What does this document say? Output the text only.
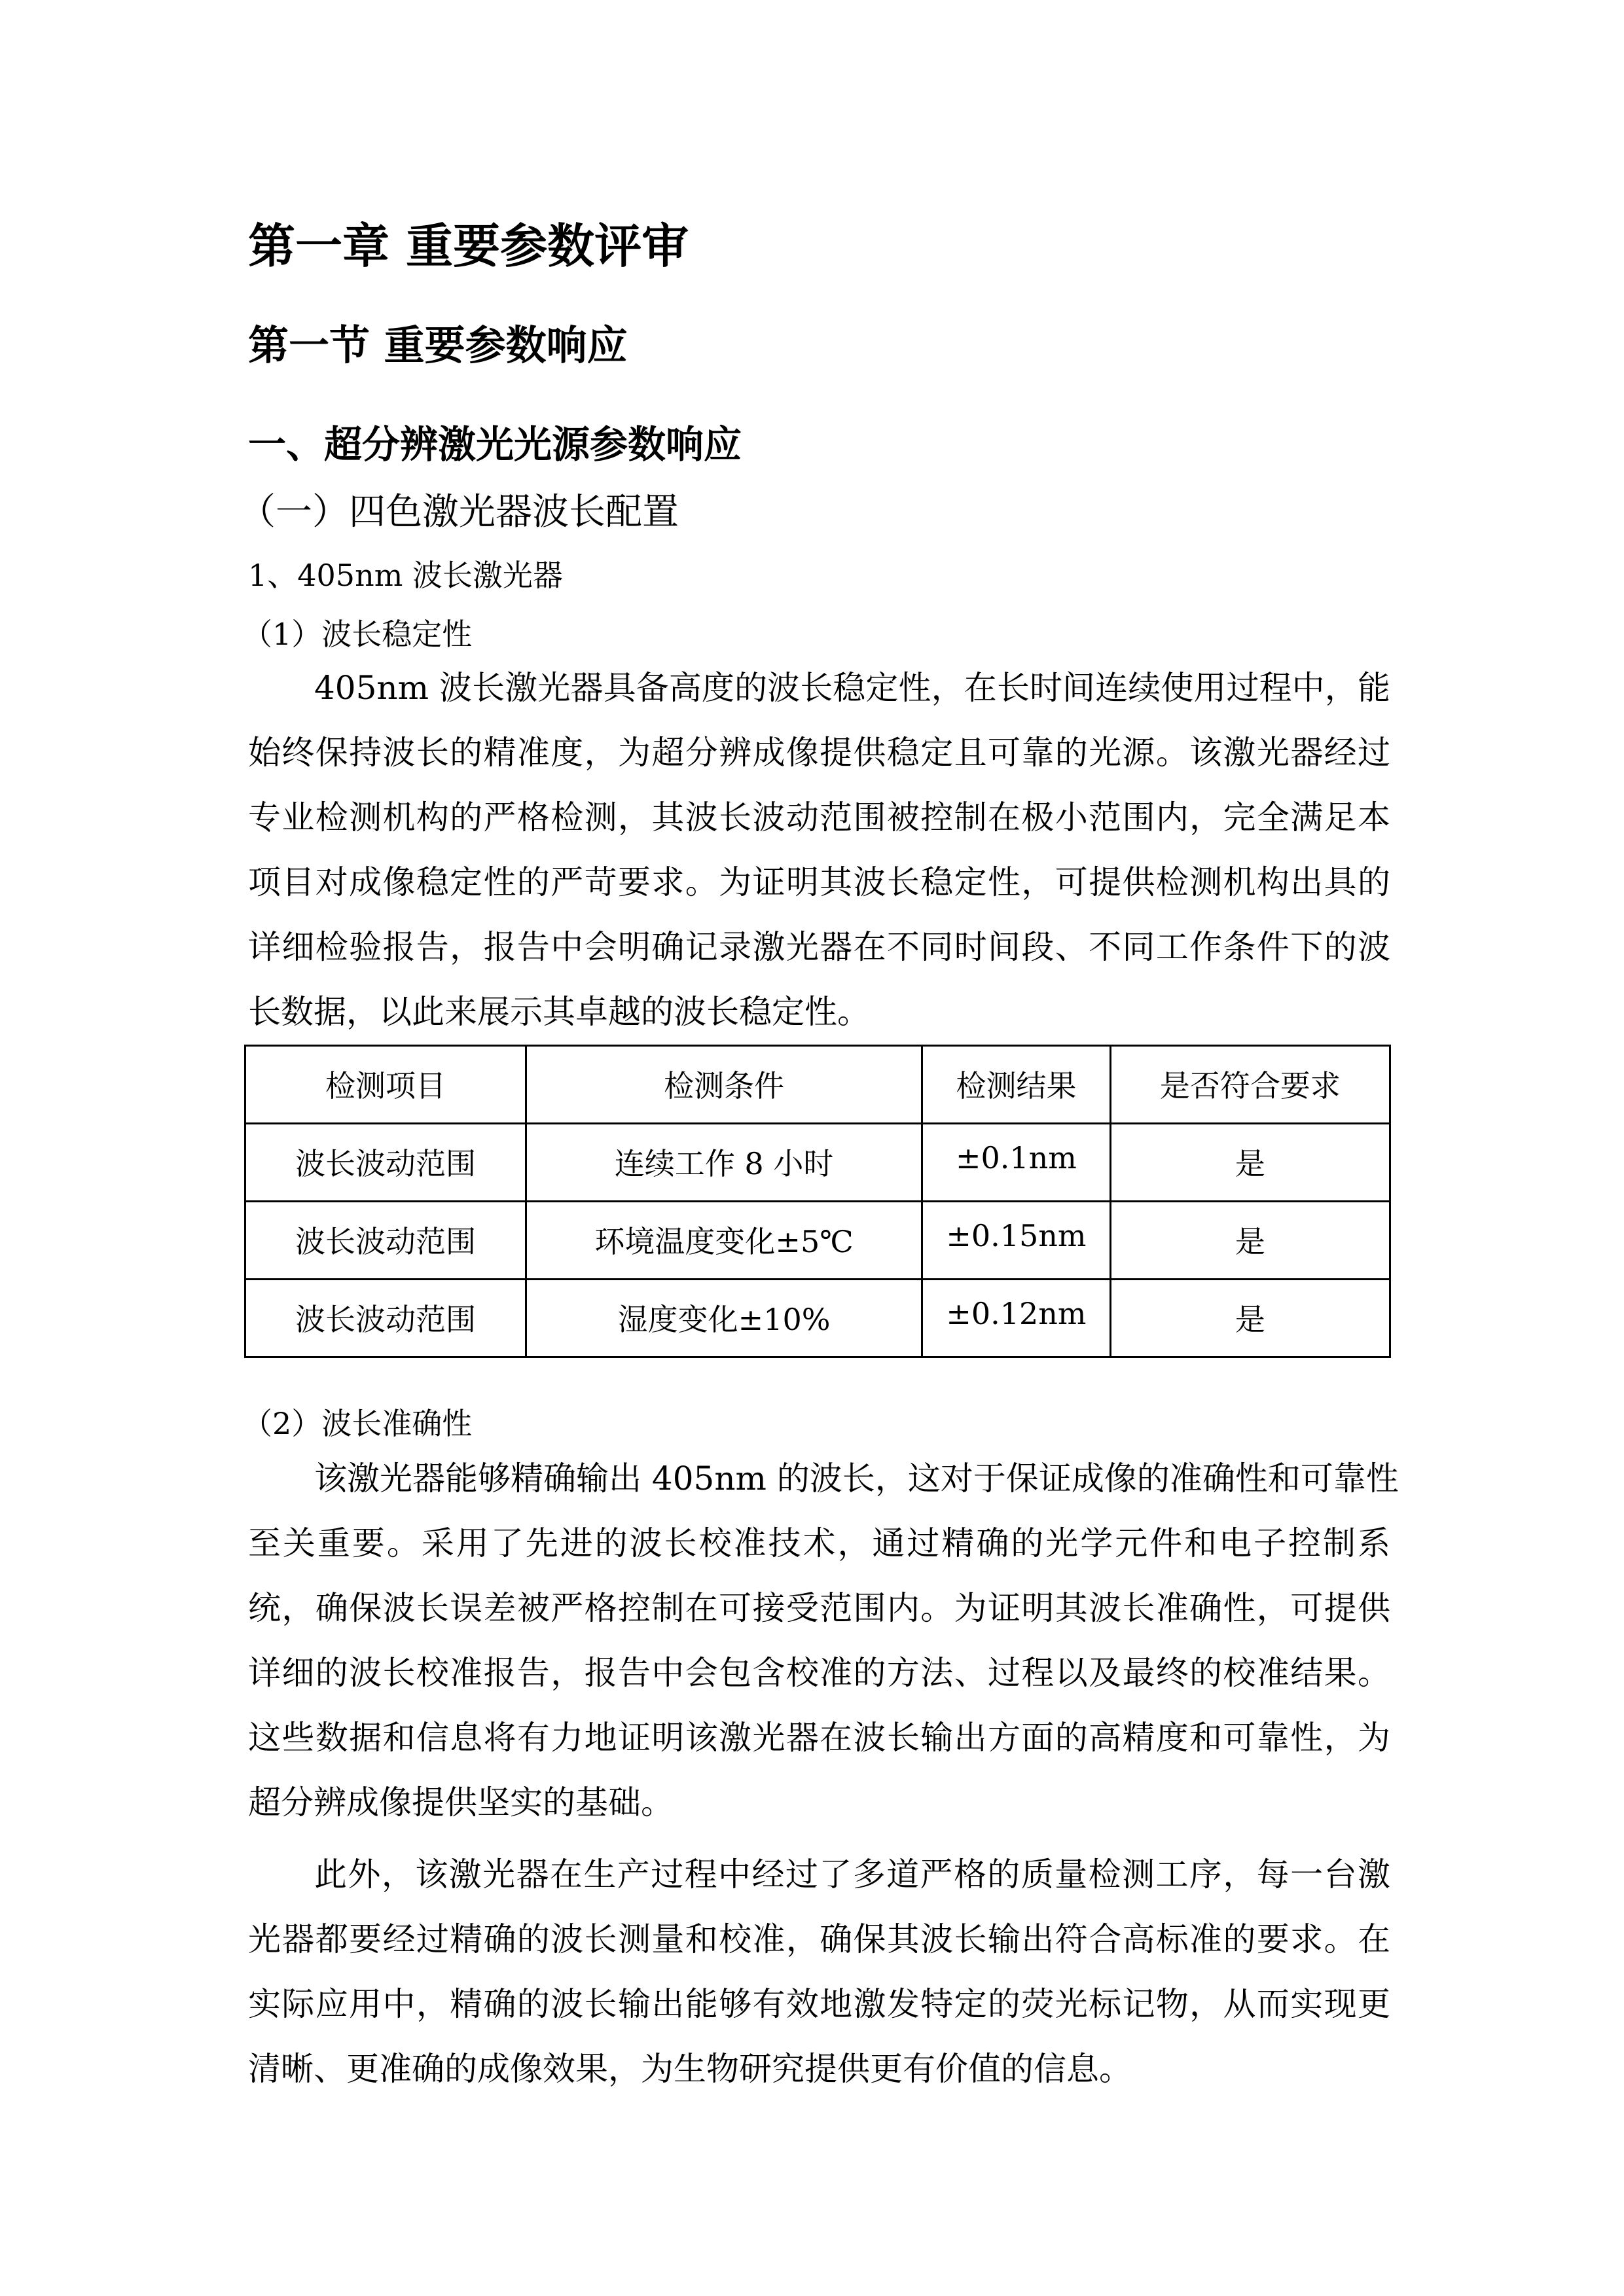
第一章 重要参数评审
第一节 重要参数响应
一、超分辨激光光源参数响应
（一）四色激光器波长配置
1、405nm 波长激光器
（1）波长稳定性
405nm 波长激光器具备高度的波长稳定性，在长时间连续使用过程中，能
始终保持波长的精准度，为超分辨成像提供稳定且可靠的光源。该激光器经过
专业检测机构的严格检测，其波长波动范围被控制在极小范围内，完全满足本
项目对成像稳定性的严苛要求。为证明其波长稳定性，可提供检测机构出具的
详细检验报告，报告中会明确记录激光器在不同时间段、不同工作条件下的波
长数据，以此来展示其卓越的波长稳定性。
检测项目	检测条件	检测结果	是否符合要求
波长波动范围	连续工作 8 小时	±0.1nm	是
波长波动范围	环境温度变化±5℃	±0.15nm	是
波长波动范围	湿度变化±10%	±0.12nm	是
（2）波长准确性
该激光器能够精确输出 405nm 的波长，这对于保证成像的准确性和可靠性
至关重要。采用了先进的波长校准技术，通过精确的光学元件和电子控制系
统，确保波长误差被严格控制在可接受范围内。为证明其波长准确性，可提供
详细的波长校准报告，报告中会包含校准的方法、过程以及最终的校准结果。
这些数据和信息将有力地证明该激光器在波长输出方面的高精度和可靠性，为
超分辨成像提供坚实的基础。
此外，该激光器在生产过程中经过了多道严格的质量检测工序，每一台激
光器都要经过精确的波长测量和校准，确保其波长输出符合高标准的要求。在
实际应用中，精确的波长输出能够有效地激发特定的荧光标记物，从而实现更
清晰、更准确的成像效果，为生物研究提供更有价值的信息。
